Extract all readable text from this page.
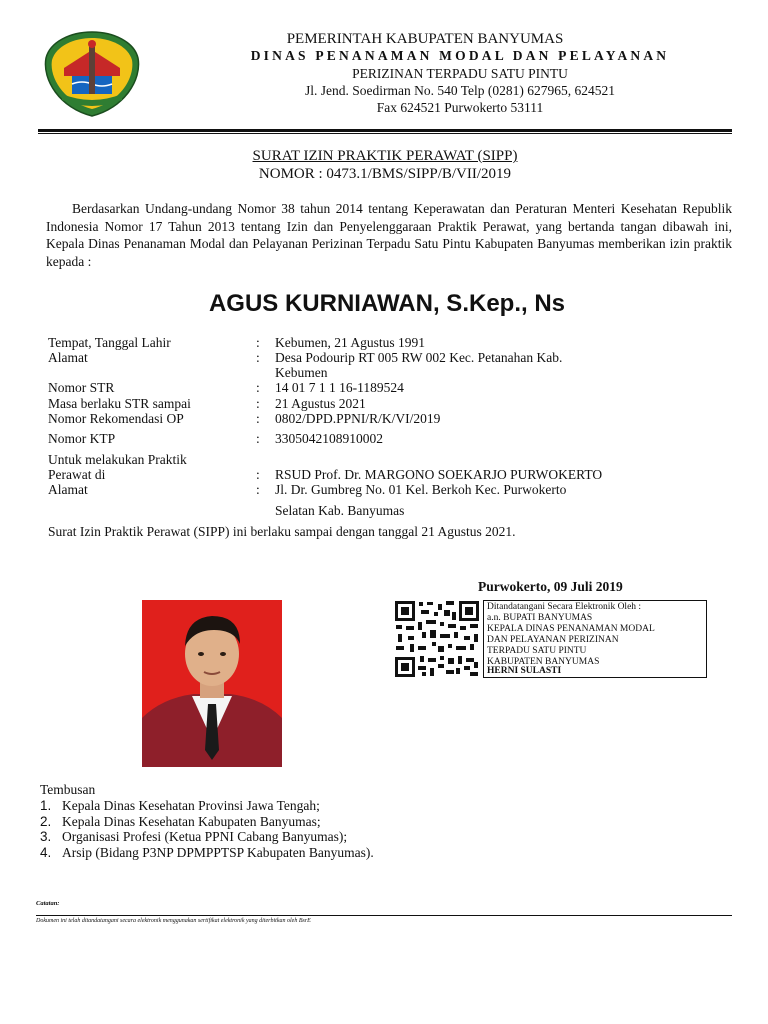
PEMERINTAH KABUPATEN BANYUMAS
DINAS PENANAMAN MODAL DAN PELAYANAN
PERIZINAN TERPADU SATU PINTU
Jl. Jend. Soedirman No. 540 Telp (0281) 627965, 624521
Fax 624521 Purwokerto 53111
SURAT IZIN PRAKTIK PERAWAT (SIPP)
NOMOR : 0473.1/BMS/SIPP/B/VII/2019

Berdasarkan Undang-undang Nomor 38 tahun 2014 tentang Keperawatan dan Peraturan Menteri Kesehatan Republik Indonesia Nomor 17 Tahun 2013 tentang Izin dan Penyelenggaraan Praktik Perawat, yang bertanda tangan dibawah ini, Kepala Dinas Penanaman Modal dan Pelayanan Perizinan Terpadu Satu Pintu Kabupaten Banyumas memberikan izin praktik kepada :

AGUS KURNIAWAN, S.Kep., Ns
Tempat, Tanggal Lahir	: Kebumen, 21 Agustus 1991
Alamat	: Desa Podourip RT 005 RW 002 Kec. Petanahan Kab.
Kebumen
Nomor STR	: 14 01 7 1 1 16-1189524
Masa berlaku STR sampai	: 21 Agustus 2021
Nomor Rekomendasi OP	: 0802/DPD.PPNI/R/K/VI/2019
Nomor KTP	: 3305042108910002
Untuk melakukan Praktik
Perawat di	: RSUD Prof. Dr. MARGONO SOEKARJO PURWOKERTO
Alamat	: Jl. Dr. Gumbreg No. 01 Kel. Berkoh Kec. Purwokerto
Selatan Kab. Banyumas
Surat Izin Praktik Perawat (SIPP) ini berlaku sampai dengan tanggal 21 Agustus 2021.
Purwokerto, 09 Juli 2019
Ditandatangani Secara Elektronik Oleh :
a.n. BUPATI BANYUMAS
KEPALA DINAS PENANAMAN MODAL
DAN PELAYANAN PERIZINAN
TERPADU SATU PINTU
KABUPATEN BANYUMAS
HERNI SULASTI
Tembusan
1. Kepala Dinas Kesehatan Provinsi Jawa Tengah;
2. Kepala Dinas Kesehatan Kabupaten Banyumas;
3. Organisasi Profesi (Ketua PPNI Cabang Banyumas);
4. Arsip (Bidang P3NP DPMPPTSP Kabupaten Banyumas).
Catatan:
Dokumen ini telah ditandatangani secara elektronik menggunakan sertifikat elektronik yang diterbitkan oleh BsrE
